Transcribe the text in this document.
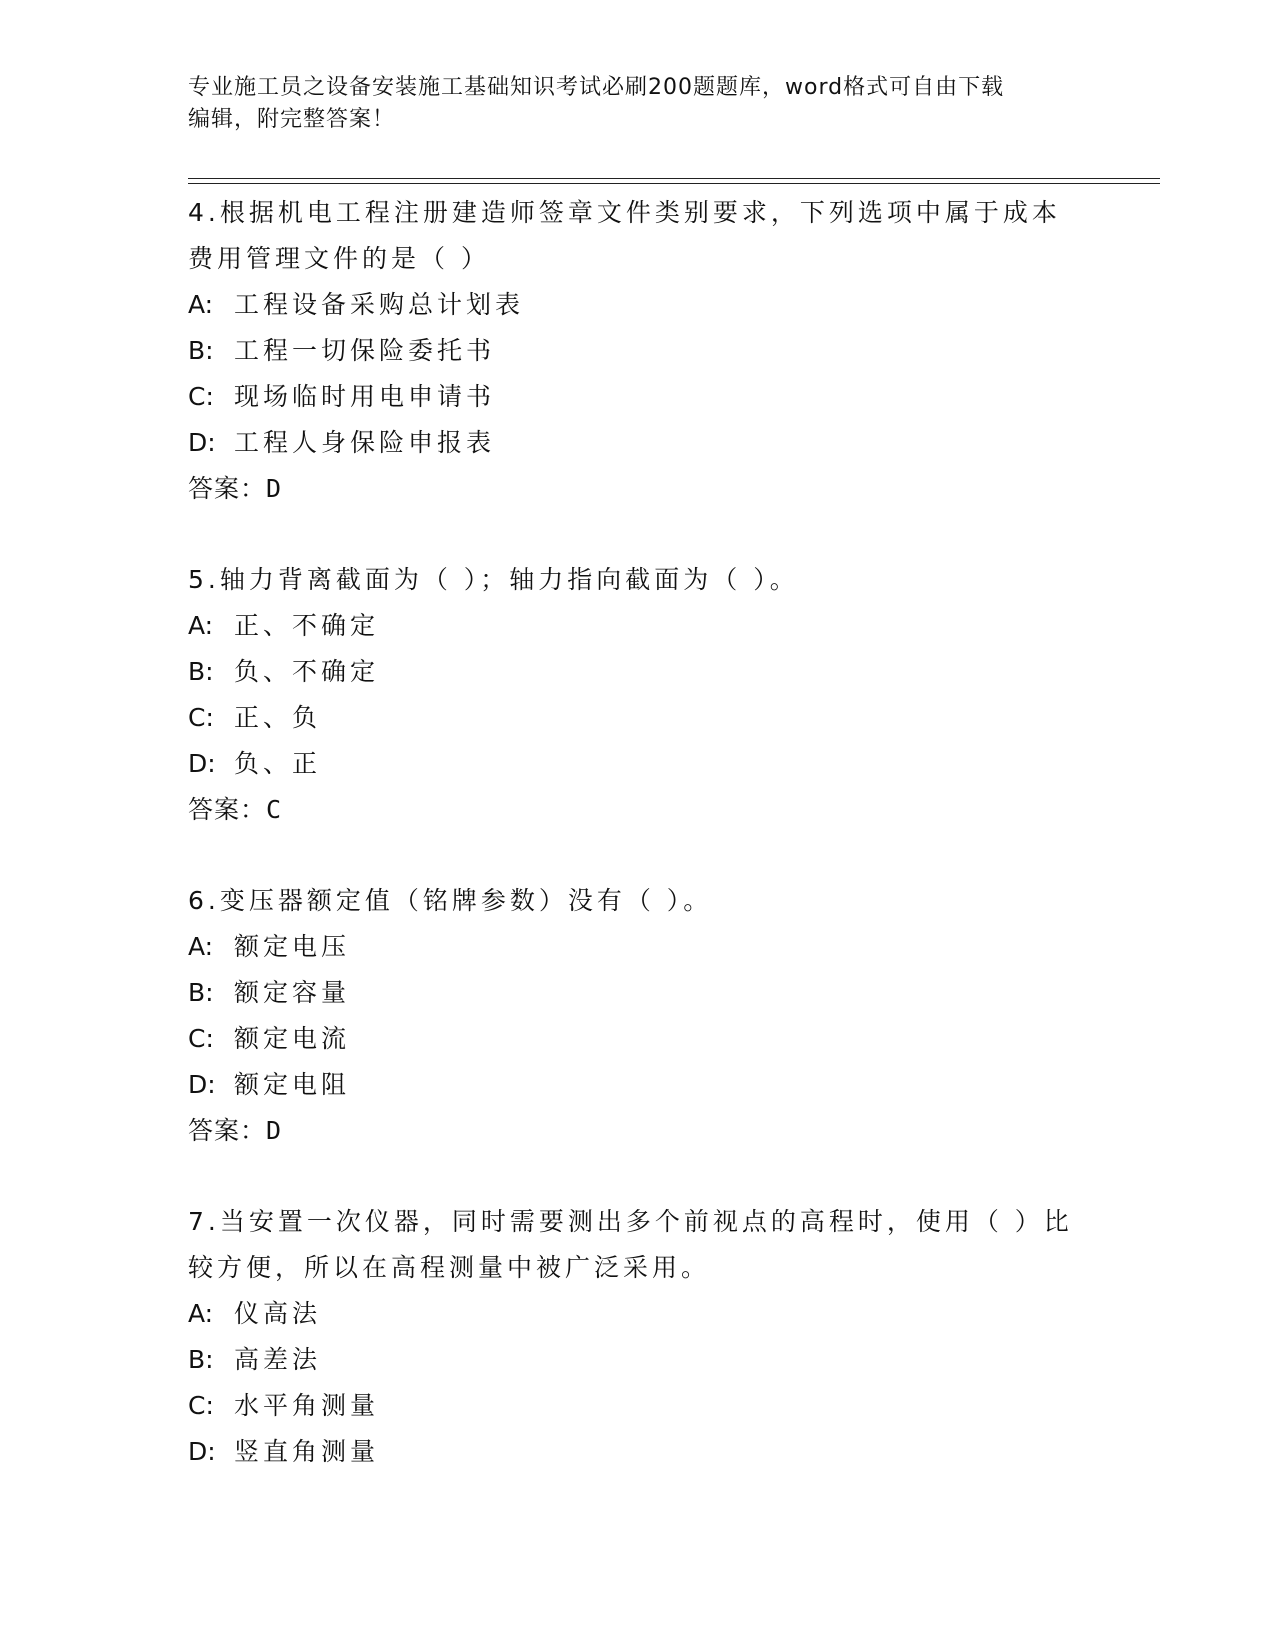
专业施工员之设备安装施工基础知识考试必刷200题题库，word格式可自由下载
编辑，附完整答案！

4.根据机电工程注册建造师签章文件类别要求，下列选项中属于成本
费用管理文件的是（ ）

A: 工程设备采购总计划表

B: 工程一切保险委托书

C: 现场临时用电申请书

D: 工程人身保险申报表

答案：D

5.轴力背离截面为（ ）；轴力指向截面为（ ）。

A: 正、不确定

B: 负、不确定

C: 正、负

D: 负、正

答案：C

6.变压器额定值（铭牌参数）没有（ ）。

A: 额定电压

B: 额定容量

C: 额定电流

D: 额定电阻

答案：D

7.当安置一次仪器，同时需要测出多个前视点的高程时，使用（ ）比
较方便，所以在高程测量中被广泛采用。

A: 仪高法

B: 高差法

C: 水平角测量

D: 竖直角测量
